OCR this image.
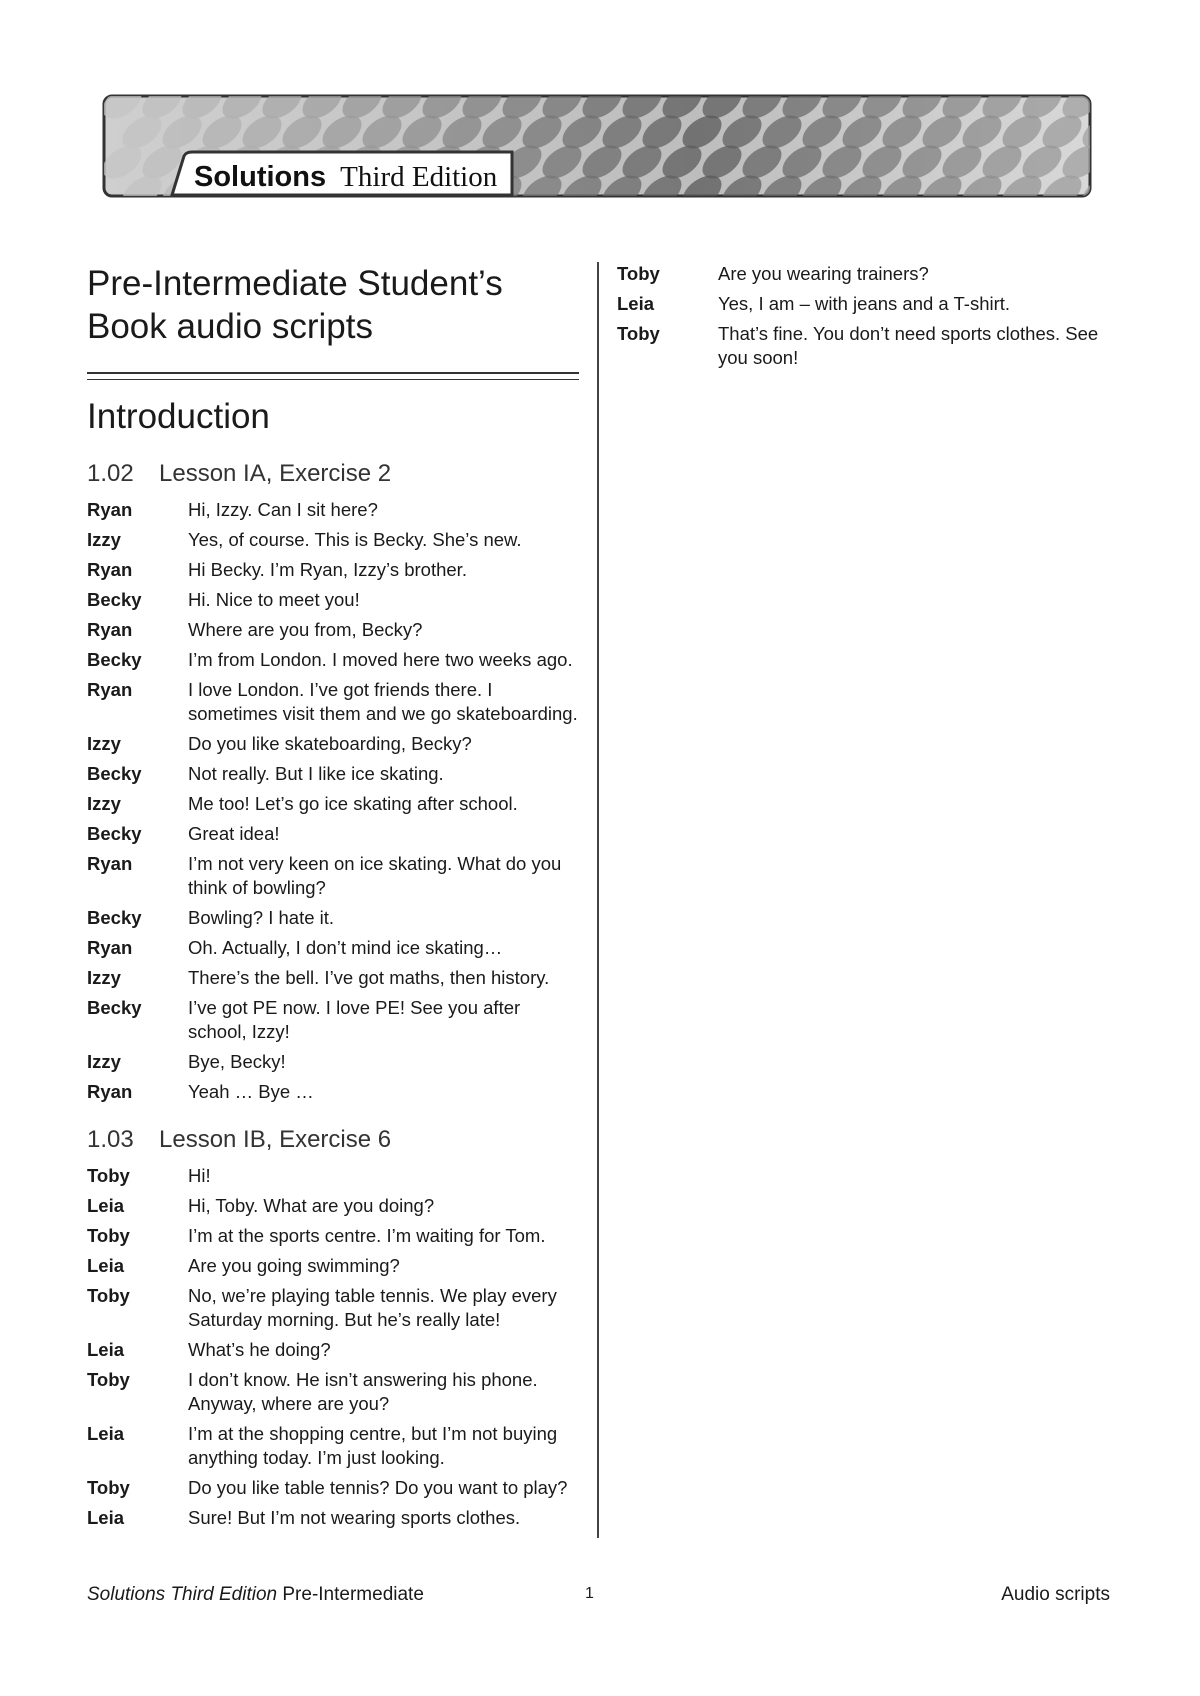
Solutions Third Edition
Pre-Intermediate Student’s
Book audio scripts
Introduction
1.02 Lesson IA, Exercise 2
Ryan	Hi, Izzy. Can I sit here?
Izzy	Yes, of course. This is Becky. She’s new.
Ryan	Hi Becky. I’m Ryan, Izzy’s brother.
Becky	Hi. Nice to meet you!
Ryan	Where are you from, Becky?
Becky	I’m from London. I moved here two weeks ago.
Ryan	I love London. I’ve got friends there. I sometimes visit them and we go skateboarding.
Izzy	Do you like skateboarding, Becky?
Becky	Not really. But I like ice skating.
Izzy	Me too! Let’s go ice skating after school.
Becky	Great idea!
Ryan	I’m not very keen on ice skating. What do you think of bowling?
Becky	Bowling? I hate it.
Ryan	Oh. Actually, I don’t mind ice skating…
Izzy	There’s the bell. I’ve got maths, then history.
Becky	I’ve got PE now. I love PE! See you after school, Izzy!
Izzy	Bye, Becky!
Ryan	Yeah … Bye …
1.03 Lesson IB, Exercise 6
Toby	Hi!
Leia	Hi, Toby. What are you doing?
Toby	I’m at the sports centre. I’m waiting for Tom.
Leia	Are you going swimming?
Toby	No, we’re playing table tennis. We play every Saturday morning. But he’s really late!
Leia	What’s he doing?
Toby	I don’t know. He isn’t answering his phone. Anyway, where are you?
Leia	I’m at the shopping centre, but I’m not buying anything today. I’m just looking.
Toby	Do you like table tennis? Do you want to play?
Leia	Sure! But I’m not wearing sports clothes.
Toby	Are you wearing trainers?
Leia	Yes, I am – with jeans and a T-shirt.
Toby	That’s fine. You don’t need sports clothes. See you soon!
Solutions Third Edition Pre-Intermediate	1	Audio scripts
